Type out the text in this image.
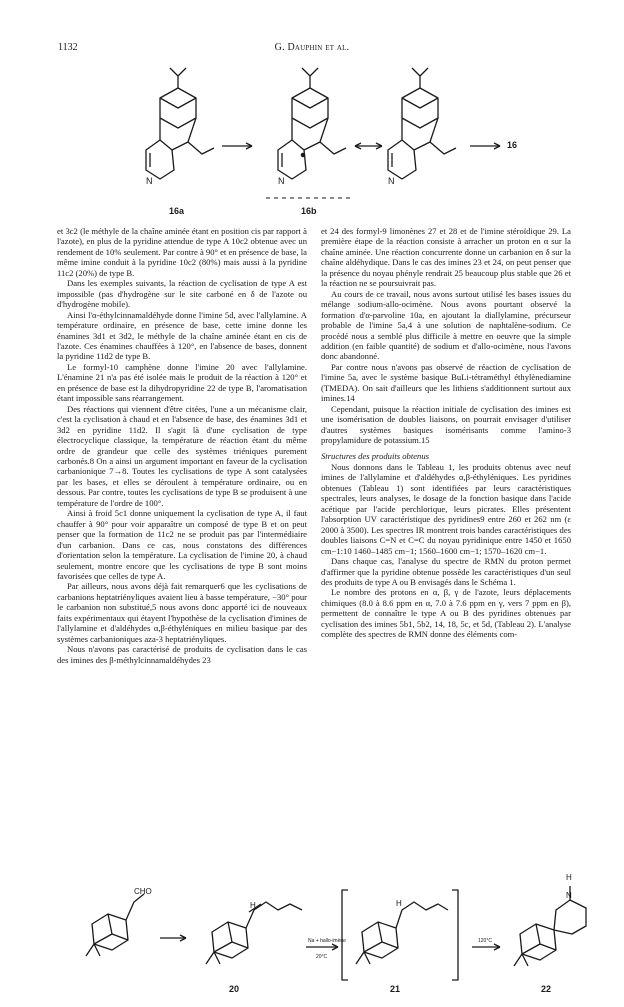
1132	G. Dauphin et al.
N	N	N
16a	16b
16

et 3c2 (le méthyle de la chaîne aminée étant en position cis par rapport à l'azote), en plus de la pyridine attendue de type A 10c2 obtenue avec un rendement de 10% seulement. Par contre à 90° et en présence de base, la même imine conduit à la pyridine 10c2 (80%) mais aussi à la pyridine 11c2 (20%) de type B.

Dans les exemples suivants, la réaction de cyclisation de type A est impossible (pas d'hydrogène sur le site carboné en δ de l'azote ou d'hydrogène mobile).

Ainsi l'α-éthylcinnamaldéhyde donne l'imine 5d, avec l'allylamine. A température ordinaire, en présence de base, cette imine donne les énamines 3d1 et 3d2, le méthyle de la chaîne aminée étant en cis de l'azote. Ces énamines chauffées à 120°, en l'absence de bases, donnent la pyridine 11d2 de type B.

Le formyl-10 camphène donne l'imine 20 avec l'allylamine. L'énamine 21 n'a pas été isolée mais le produit de la réaction à 120° et en présence de base est la dihydropyridine 22 de type B, l'aromatisation étant impossible sans réarrangement.

Des réactions qui viennent d'être citées, l'une a un mécanisme clair, c'est la cyclisation à chaud et en l'absence de base, des énamines 3d1 et 3d2 en pyridine 11d2. Il s'agit là d'une cyclisation de type électrocyclique classique, la température de réaction étant du même ordre de grandeur que celle des systèmes triéniques purement carbonés.8 On a ainsi un argument important en faveur de la cyclisation carbanionique 7→8. Toutes les cyclisations de type A sont catalysées par les bases, et elles se déroulent à température ordinaire, ou en dessous. Par contre, toutes les cyclisations de type B se produisent à une température de l'ordre de 100°.

Ainsi à froid 5c1 donne uniquement la cyclisation de type A, il faut chauffer à 90° pour voir apparaître un composé de type B et on peut penser que la formation de 11c2 ne se produit pas par l'intermédiaire d'un carbanion. Dans ce cas, nous constatons des différences d'orientation selon la température. La cyclisation de l'imine 20, à chaud seulement, montre encore que les cyclisations de type B sont moins favorisées que celles de type A.

Par ailleurs, nous avons déjà fait remarquer6 que les cyclisations de carbanions heptatriényliques avaient lieu à basse température, −30° pour le carbanion non substitué,5 nous avons donc apporté ici de nouveaux faits expérimentaux qui étayent l'hypothèse de la cyclisation d'imines de l'allylamine et d'aldéhydes α,β-éthyléniques en milieu basique par des systèmes carbanioniques aza-3 heptatriényliques.

Nous n'avons pas caractérisé de produits de cyclisation dans le cas des imines des β-méthylcinnamaldéhydes 23

et 24 des formyl-9 limonènes 27 et 28 et de l'imine stéroïdique 29. La première étape de la réaction consiste à arracher un proton en α sur la chaîne aminée. Une réaction concurrente donne un carbanion en δ sur la chaîne aldéhydique. Dans le cas des imines 23 et 24, on peut penser que la présence du noyau phényle rendrait 25 beaucoup plus stable que 26 et la réaction ne se poursuivrait pas.

Au cours de ce travail, nous avons surtout utilisé les bases issues du mélange sodium-allo-ocimène. Nous avons pourtant observé la formation d'α-parvoline 10a, en ajoutant la diallylamine, précurseur probable de l'imine 5a,4 à une solution de naphtalène-sodium. Ce procédé nous a semblé plus difficile à mettre en oeuvre que la simple addition (en faible quantité) de sodium et d'allo-ocimène, nous l'avons donc abandonné.

Par contre nous n'avons pas observé de réaction de cyclisation de l'imine 5a, avec le système basique BuLi-tétraméthyl éthylènediamine (TMEDA). On sait d'ailleurs que les lithiens s'additionnent surtout aux imines.14

Cependant, puisque la réaction initiale de cyclisation des imines est une isomérisation de doubles liaisons, on pourrait envisager d'utiliser d'autres systèmes basiques isomérisants comme l'amino-3 propylamidure de potassium.15

Structures des produits obtenus

Nous donnons dans le Tableau 1, les produits obtenus avec neuf imines de l'allylamine et d'aldéhydes α,β-éthyléniques. Les pyridines obtenues (Tableau 1) sont identifiées par leurs caractéristiques spectrales, leurs analyses, le dosage de la fonction basique dans l'acide acétique par l'acide perchlorique, leurs picrates. Elles présentent l'absorption UV caractéristique des pyridines9 entre 260 et 262 nm (ε 2000 à 3500). Les spectres IR montrent trois bandes caractéristiques des doubles liaisons C=N et C=C du noyau pyridinique entre 1450 et 1650 cm−1:10 1460–1485 cm−1; 1560–1600 cm−1; 1570–1620 cm−1.

Dans chaque cas, l'analyse du spectre de RMN du proton permet d'affirmer que la pyridine obtenue possède les caractéristiques d'un seul des produits de type A ou B envisagés dans le Schéma 1.

Le nombre des protons en α, β, γ de l'azote, leurs déplacements chimiques (8.0 à 8.6 ppm en α, 7.0 à 7.6 ppm en γ, vers 7 ppm en β), permettent de connaître le type A ou B des pyridines obtenues par cyclisation des imines 5b1, 5b2, 14, 18, 5c, et 5d, (Tableau 2). L'analyse complète des spectres de RMN donne des éléments com-

CHO
H	H
H
N
Na + hallo-imène
20°C
120°C
20	21	22
